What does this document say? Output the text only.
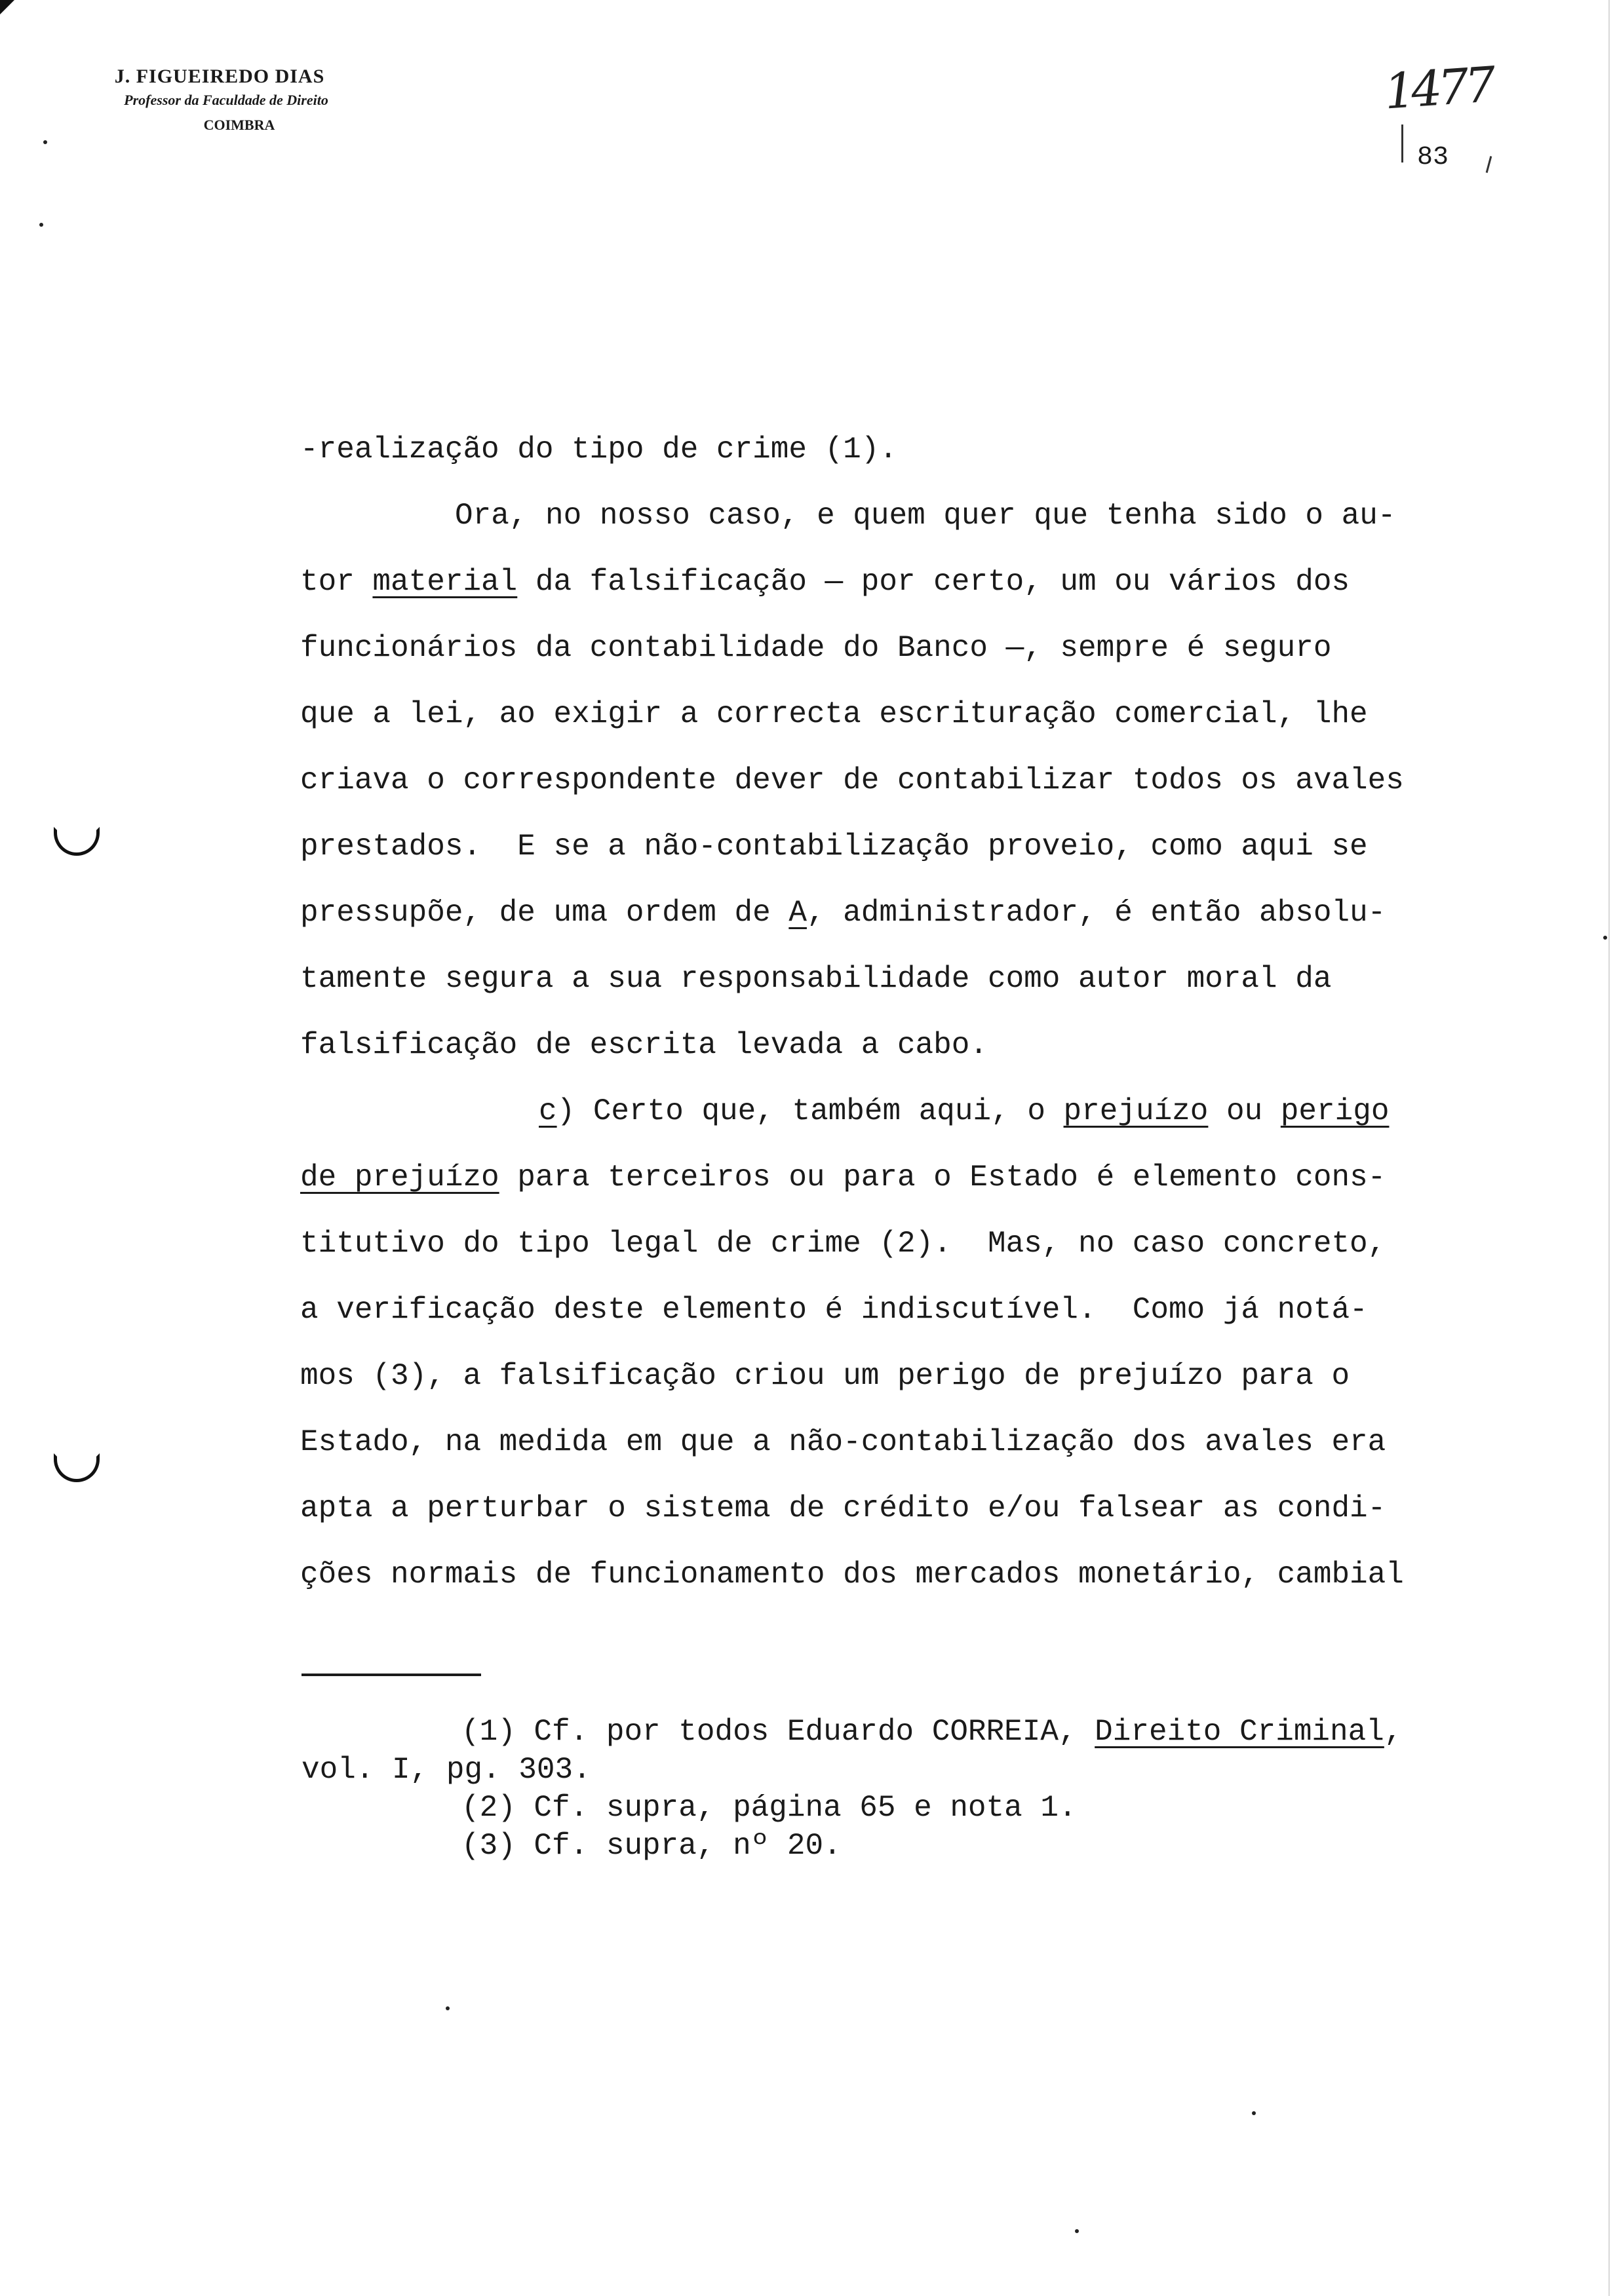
J. FIGUEIREDO DIAS
Professor da Faculdade de Direito
COIMBRA
1477
83
-realização do tipo de crime (1).
Ora, no nosso caso, e quem quer que tenha sido o au-
tor material da falsificação — por certo, um ou vários dos
funcionários da contabilidade do Banco —, sempre é seguro
que a lei, ao exigir a correcta escrituração comercial, lhe
criava o correspondente dever de contabilizar todos os avales
prestados.  E se a não-contabilização proveio, como aqui se
pressupõe, de uma ordem de A, administrador, é então absolu-
tamente segura a sua responsabilidade como autor moral da
falsificação de escrita levada a cabo.
c) Certo que, também aqui, o prejuízo ou perigo
de prejuízo para terceiros ou para o Estado é elemento cons-
titutivo do tipo legal de crime (2).  Mas, no caso concreto,
a verificação deste elemento é indiscutível.  Como já notá-
mos (3), a falsificação criou um perigo de prejuízo para o
Estado, na medida em que a não-contabilização dos avales era
apta a perturbar o sistema de crédito e/ou falsear as condi-
ções normais de funcionamento dos mercados monetário, cambial
(1) Cf. por todos Eduardo CORREIA, Direito Criminal,
vol. I, pg. 303.
(2) Cf. supra, página 65 e nota 1.
(3) Cf. supra, nº 20.
